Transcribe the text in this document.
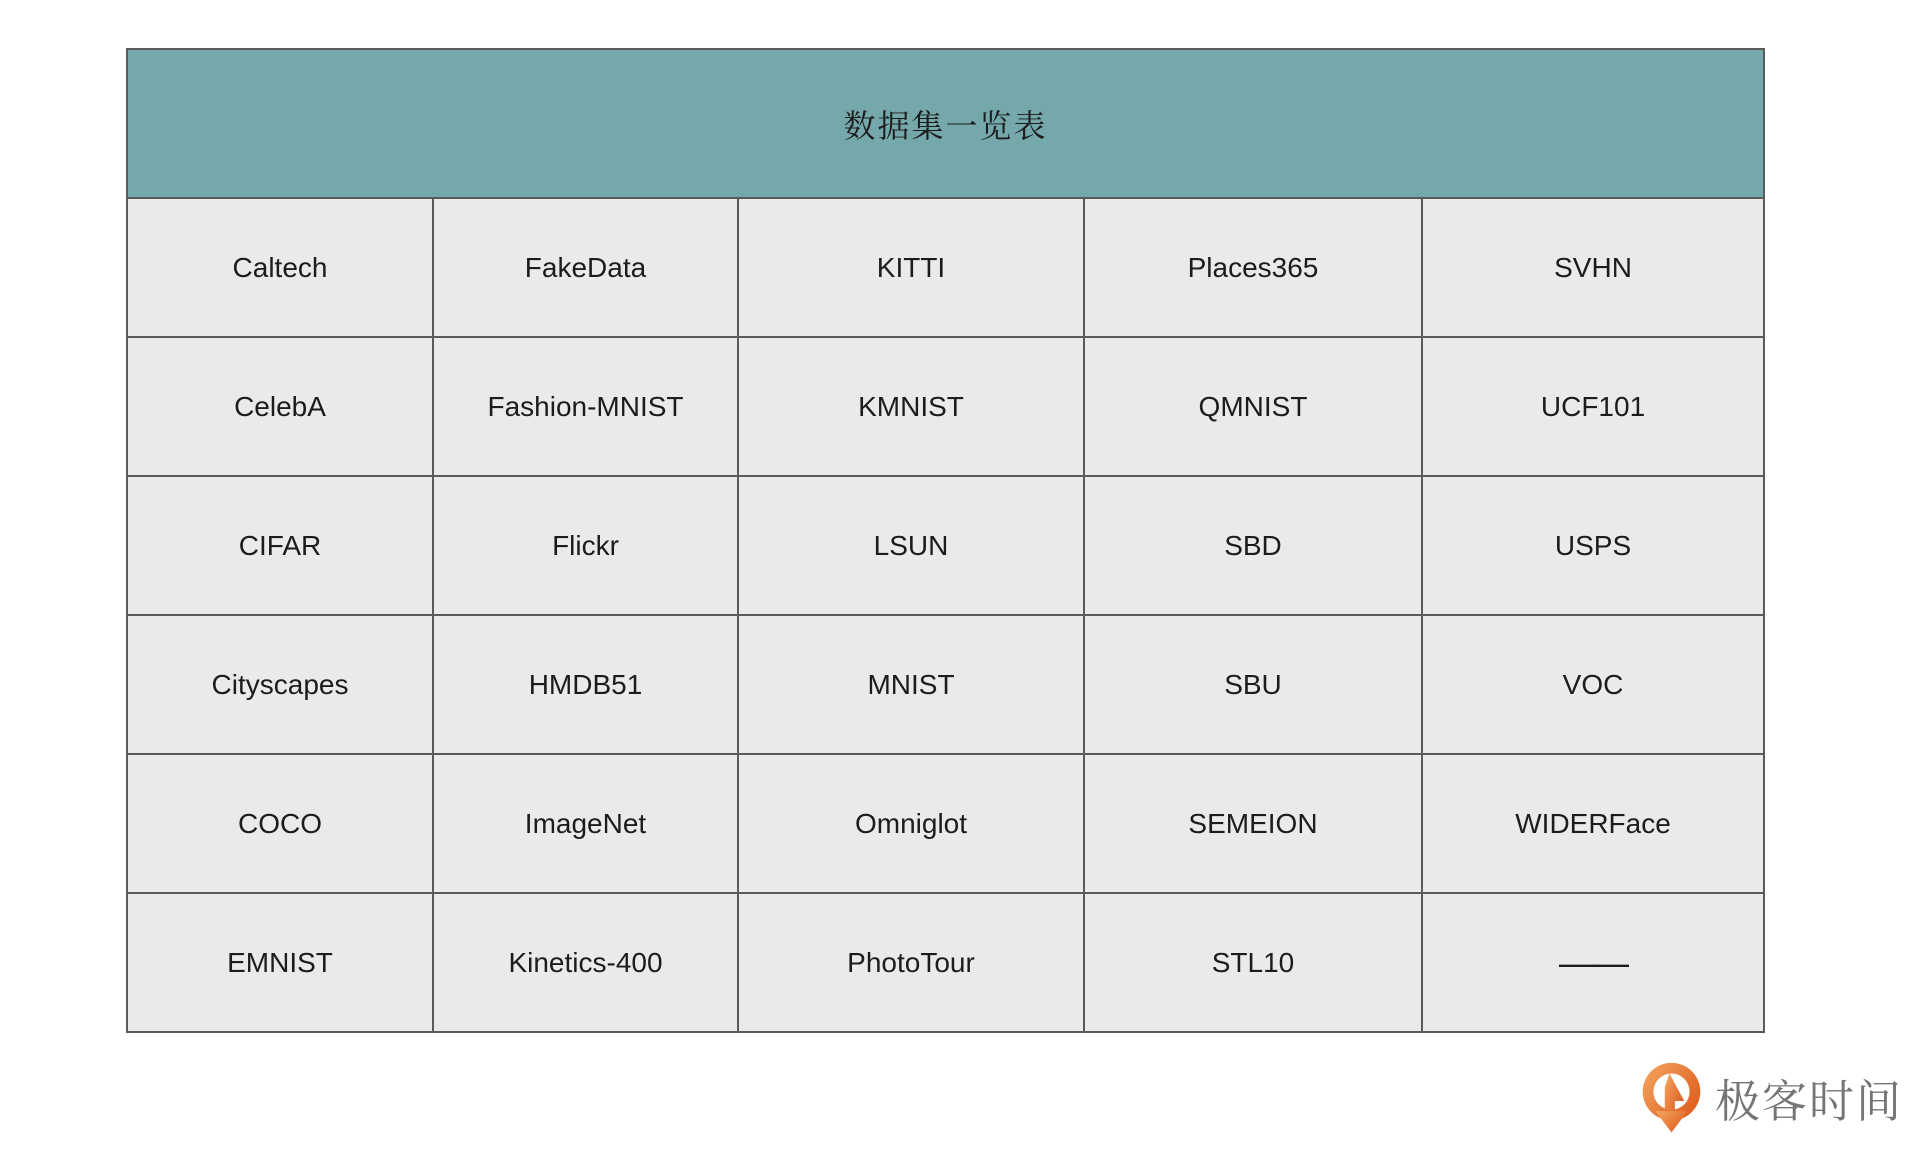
数据集一览表				
Caltech	FakeData	KITTI	Places365	SVHN
CelebA	Fashion-MNIST	KMNIST	QMNIST	UCF101
CIFAR	Flickr	LSUN	SBD	USPS
Cityscapes	HMDB51	MNIST	SBU	VOC
COCO	ImageNet	Omniglot	SEMEION	WIDERFace
EMNIST	Kinetics-400	PhotoTour	STL10	——
极客时间
